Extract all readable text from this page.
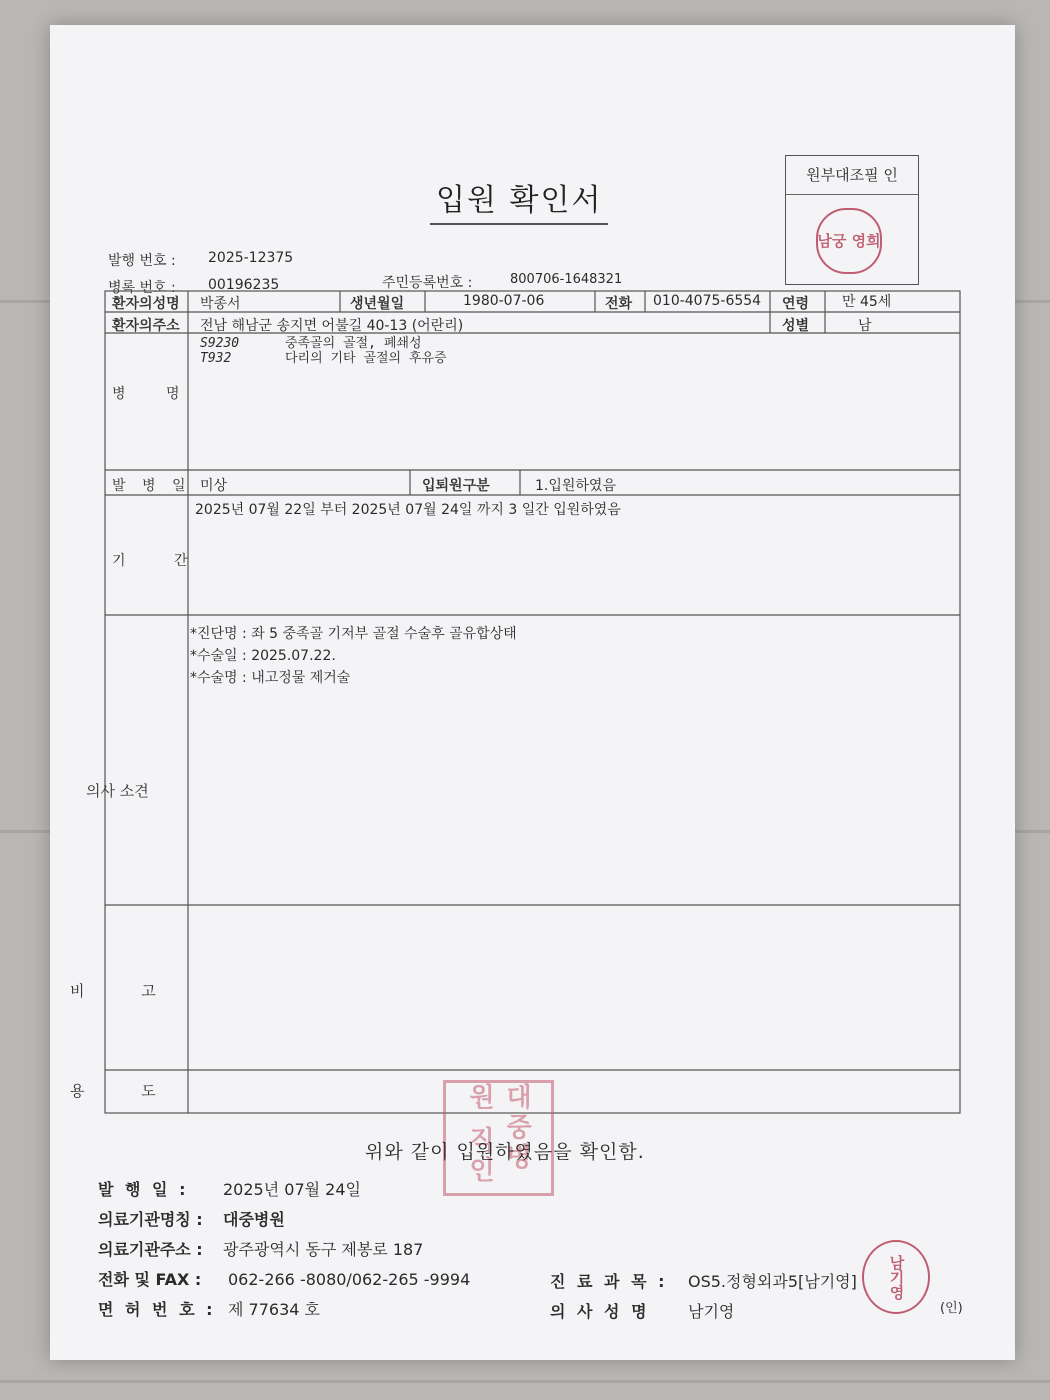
입원 확인서
원부대조필 인
남궁 영희
발행 번호 : 2025-12375
병록 번호 : 00196235	주민등록번호 :	800706-1648321
환자의성명 박종서	생년월일	1980-07-06	전화 010-4075-6554 연령 만 45세
환자의주소 전남 해남군 송지면 어불길 40-13 (어란리)	성별	남
병 명
S9230	중족골의 골절, 폐쇄성
T932	다리의 기타 골절의 후유증
발 병 일 미상	입퇴원구분	1.입원하였음
기 간
2025년 07월 22일 부터 2025년 07월 24일 까지 3 일간 입원하였음
의사 소견
*진단명 : 좌 5 중족골 기저부 골절 수술후 골유합상태
*수술일 : 2025.07.22.
*수술명 : 내고정물 제거술
비 고
용 도	대중병원 직인
위와 같이 입원하였음을 확인함.
발 행 일 : 2025년 07월 24일
의료기관명칭 : 대중병원
의료기관주소 : 광주광역시 동구 제봉로 187
전화 및 FAX : 062-266 -8080/062-265 -9994
면 허 번 호 : 제 77634 호
진 료 과 목 : OS5.정형외과5[남기영]
의 사 성 명 남기영
남기영
(인)
